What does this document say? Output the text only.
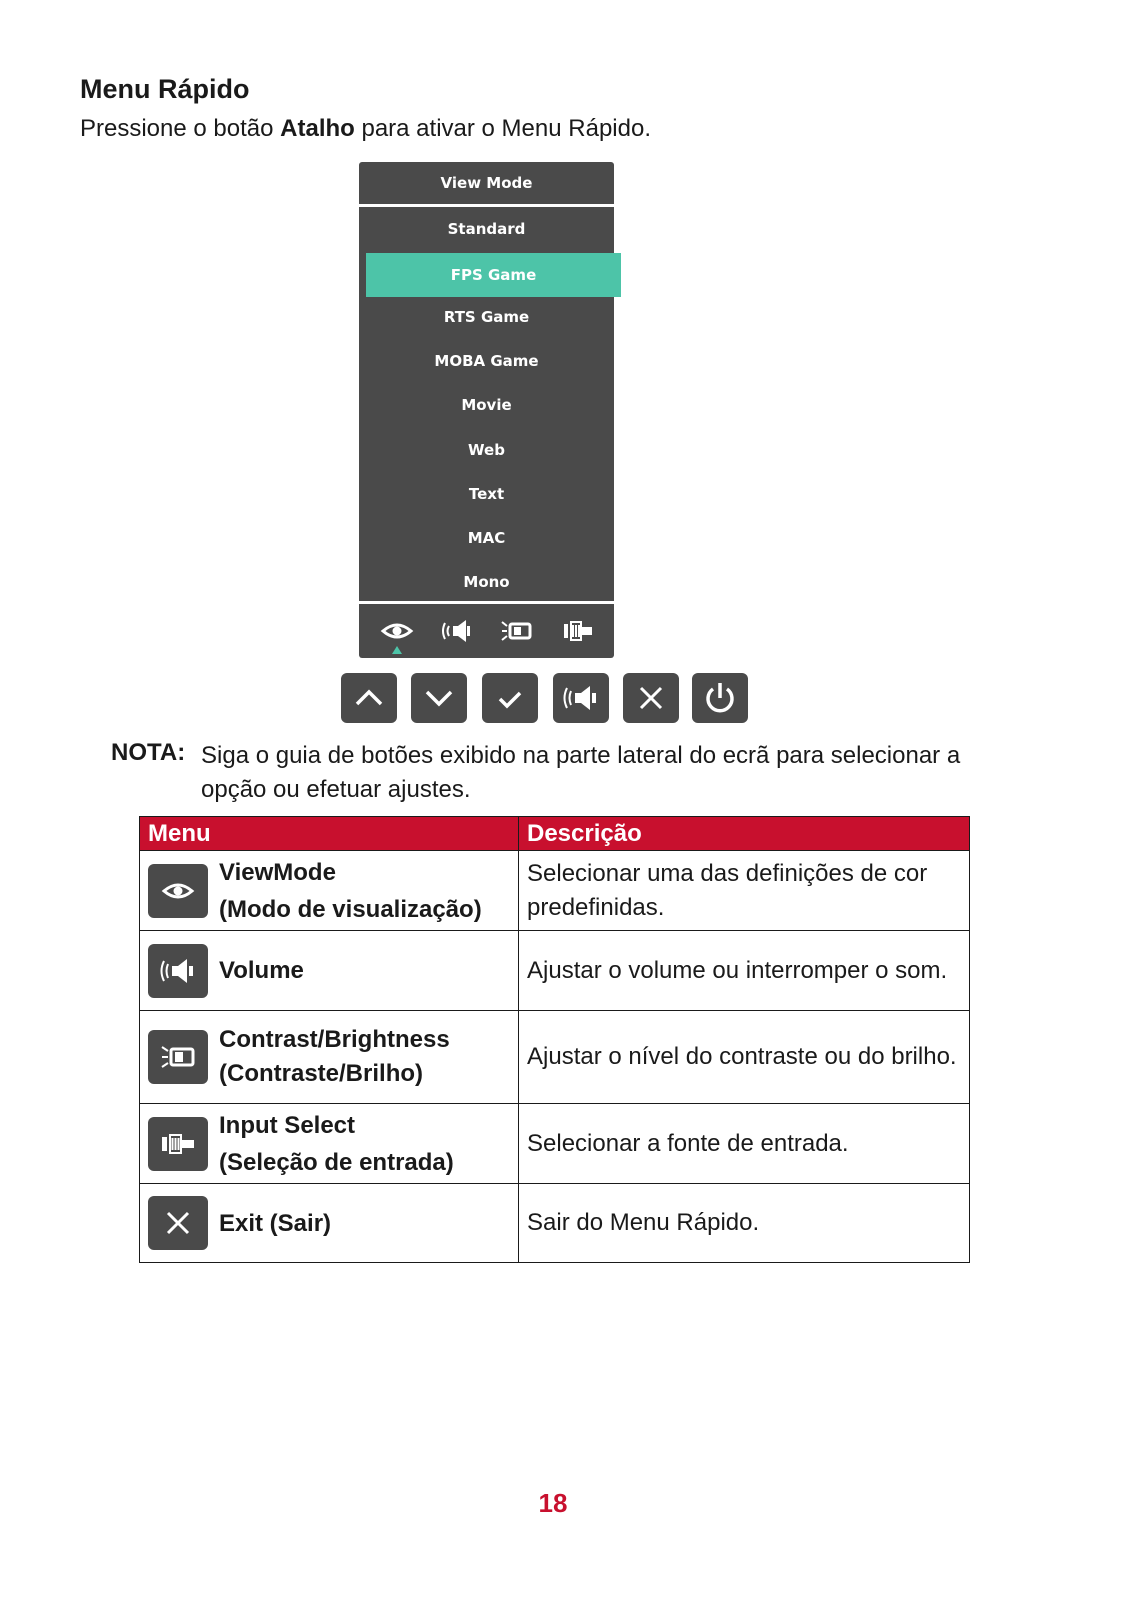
Menu Rápido
Pressione o botão Atalho para ativar o Menu Rápido.
View Mode
Standard
FPS Game
RTS Game
MOBA Game
Movie
Web
Text
MAC
Mono
NOTA: Siga o guia de botões exibido na parte lateral do ecrã para selecionar a opção ou efetuar ajustes.
Menu	Descrição

ViewMode
(Modo de visualização)	Selecionar uma das definições de cor predefinidas.

Volume	Ajustar o volume ou interromper o som.

Contrast/Brightness
(Contraste/Brilho)	Ajustar o nível do contraste ou do brilho.

Input Select
(Seleção de entrada)	Selecionar a fonte de entrada.

Exit (Sair)	Sair do Menu Rápido.
18
